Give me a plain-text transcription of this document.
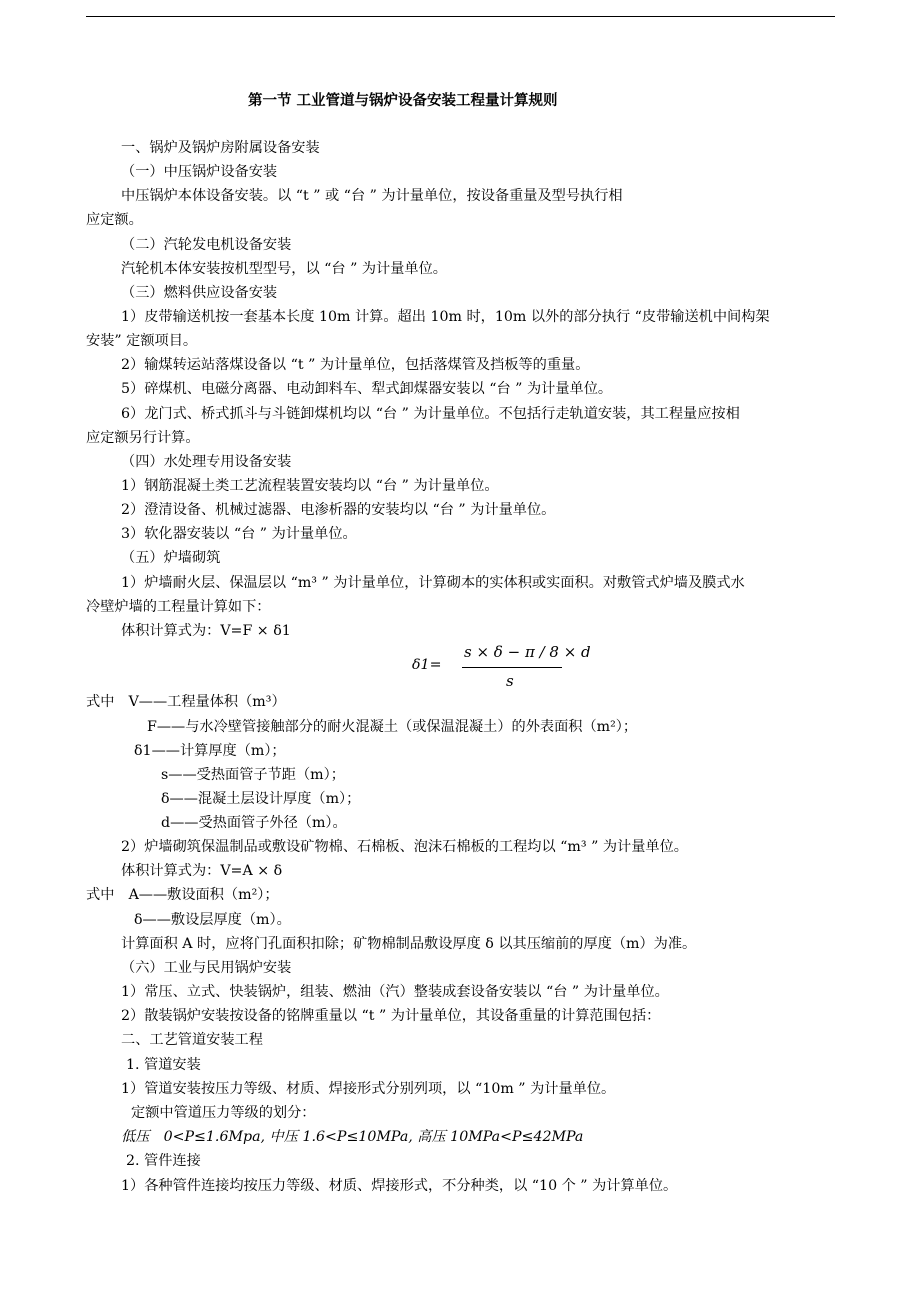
第一节 工业管道与锅炉设备安装工程量计算规则
一、锅炉及锅炉房附属设备安装
（一）中压锅炉设备安装
中压锅炉本体设备安装。以 “t ” 或 “台 ” 为计量单位，按设备重量及型号执行相
应定额。
（二）汽轮发电机设备安装
汽轮机本体安装按机型型号，以 “台 ” 为计量单位。
（三）燃料供应设备安装
1）皮带输送机按一套基本长度 10m 计算。超出 10m 时，10m 以外的部分执行 “皮带输送机中间构架
安装” 定额项目。
2）输煤转运站落煤设备以 “t ” 为计量单位，包括落煤管及挡板等的重量。
5）碎煤机、电磁分离器、电动卸料车、犁式卸煤器安装以 “台 ” 为计量单位。
6）龙门式、桥式抓斗与斗链卸煤机均以 “台 ” 为计量单位。不包括行走轨道安装，其工程量应按相
应定额另行计算。
（四）水处理专用设备安装
1）钢筋混凝土类工艺流程装置安装均以 “台 ” 为计量单位。
2）澄清设备、机械过滤器、电渗析器的安装均以 “台 ” 为计量单位。
3）软化器安装以 “台 ” 为计量单位。
（五）炉墙砌筑
1）炉墙耐火层、保温层以 “m³ ” 为计量单位，计算砌本的实体积或实面积。对敷管式炉墙及膜式水
冷壁炉墙的工程量计算如下：
体积计算式为：V=F × δ1
δ1=
s × δ − π / 8 × d
s
式中　V——工程量体积（m³）
F——与水冷壁管接触部分的耐火混凝土（或保温混凝土）的外表面积（m²）；
δ1——计算厚度（m）；
s——受热面管子节距（m）；
δ——混凝土层设计厚度（m）；
d——受热面管子外径（m）。
2）炉墙砌筑保温制品或敷设矿物棉、石棉板、泡沫石棉板的工程均以 “m³ ” 为计量单位。
体积计算式为：V=A × δ
式中　A——敷设面积（m²）；
δ——敷设层厚度（m）。
计算面积 A 时，应将门孔面积扣除；矿物棉制品敷设厚度 δ 以其压缩前的厚度（m）为准。
（六）工业与民用锅炉安装
1）常压、立式、快装锅炉，组装、燃油（汽）整装成套设备安装以 “台 ” 为计量单位。
2）散装锅炉安装按设备的铭牌重量以 “t ” 为计量单位，其设备重量的计算范围包括：
二、工艺管道安装工程
1. 管道安装
1）管道安装按压力等级、材质、焊接形式分别列项，以 “10m ” 为计量单位。
定额中管道压力等级的划分：
低压　0<P≤1.6Mpa, 中压 1.6<P≤10MPa, 高压 10MPa<P≤42MPa
2. 管件连接
1）各种管件连接均按压力等级、材质、焊接形式，不分种类，以 “10 个 ” 为计算单位。
